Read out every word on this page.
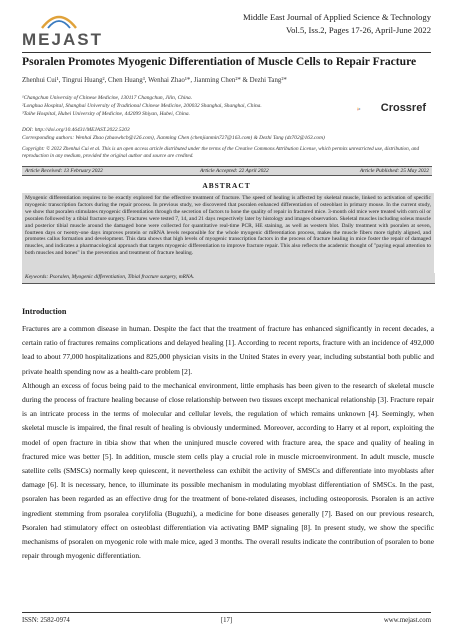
MEJAST
Middle East Journal of Applied Science & Technology
Vol.5, Iss.2, Pages 17-26, April-June 2022
Psoralen Promotes Myogenic Differentiation of Muscle Cells to Repair Fracture
Zhenhui Cui¹, Tingrui Huang², Chen Huang³, Wenhai Zhao¹*, Jianming Chen²* & Dezhi Tang²*
¹Changchun University of Chinese Medicine, 130117 Changchun, Jilin, China.
²Longhua Hospital, Shanghai University of Traditional Chinese Medicine, 200032 Shanghai, Shanghai, China.
³Taihe Hospital, Hubei University of Medicine, 442099 Shiyan, Hubei, China.	Crossref
DOI: http://doi.org/10.46431/MEJAST.2022.5203
Corresponding authors: Wenhai Zhao (zhaowhcb@126.com), Jianming Chen (chenjianmin727@163.com) & Dezhi Tang (dz702@163.com)
Copyright: © 2022 Zhenhui Cui et al. This is an open access article distributed under the terms of the Creative Commons Attribution License, which permits unrestricted use, distribution, and reproduction in any medium, provided the original author and source are credited.
Article Received: 13 February 2022	Article Accepted: 22 April 2022	Article Published: 25 May 2022
ABSTRACT
Myogenic differentiation requires to be exactly explored for the effective treatment of fracture. The speed of healing is affected by skeletal muscle, linked to activation of specific myogenic transcription factors during the repair process. In previous study, we discovered that psoralen enhanced differentiation of osteoblast in primary mouse. In the current study, we show that psoralen stimulates myogenic differentiation through the secretion of factors to hone the quality of repair in fractured mice. 3-month old mice were treated with corn oil or psoralen followed by a tibial fracture surgery. Fractures were tested 7, 14, and 21 days respectively later by histology and images observation. Skeletal muscles including soleus muscle and posterior tibial muscle around the damaged bone were collected for quantitative real-time PCR, HE staining, as well as western blot. Daily treatment with psoralen at seven, fourteen days or twenty-one days improves protein or mRNA levels responsible for the whole myogenic differentiation process, makes the muscle fibers more tightly aligned, and promotes callus formation and development. This data shows that high levels of myogenic transcription factors in the process of fracture healing in mice foster the repair of damaged muscles, and indicates a pharmacological approach that targets myogenic differentiation to improve fracture repair. This also reflects the academic thought of "paying equal attention to both muscles and bones" in the prevention and treatment of fracture healing.
Keywords: Psoralen, Myogenic differentiation, Tibial fracture surgery, mRNA.
Introduction

Fractures are a common disease in human. Despite the fact that the treatment of fracture has enhanced significantly in recent decades, a certain ratio of fractures remains complications and delayed healing [1]. According to recent reports, fracture with an incidence of 492,000 lead to about 77,000 hospitalizations and 825,000 physician visits in the United States in every year, including substantial both public and private health spending now as a health-care problem [2].

Although an excess of focus being paid to the mechanical environment, little emphasis has been given to the research of skeletal muscle during the process of fracture healing because of close relationship between two tissues except mechanical relationship [3]. Fracture repair is an intricate process in the terms of molecular and cellular levels, the regulation of which remains unknown [4]. Seemingly, when skeletal muscle is impaired, the final result of healing is obviously undermined. Moreover, according to Harry et al report, exploiting the model of open fracture in tibia show that when the uninjured muscle covered with fracture area, the space and quality of healing in fractured mice was better [5]. In addition, muscle stem cells play a crucial role in muscle microenvironment. In adult muscle, muscle satellite cells (SMSCs) normally keep quiescent, it nevertheless can exhibit the activity of SMSCs and differentiate into myoblasts after damage [6]. It is necessary, hence, to illuminate its possible mechanism in modulating myoblast differentiation of SMSCs. In the past, psoralen has been regarded as an effective drug for the treatment of bone-related diseases, including osteoporosis. Psoralen is an active ingredient stemming from psoralea corylifolia (Buguzhi), a medicine for bone diseases generally [7]. Based on our previous research, Psoralen had stimulatory effect on osteoblast differentiation via activating BMP signaling [8]. In present study, we show the specific mechanisms of psoralen on myogenic role with male mice, aged 3 months. The overall results indicate the contribution of psoralen to bone repair through myogenic differentiation.

ISSN: 2582-0974	[17]	www.mejast.com
